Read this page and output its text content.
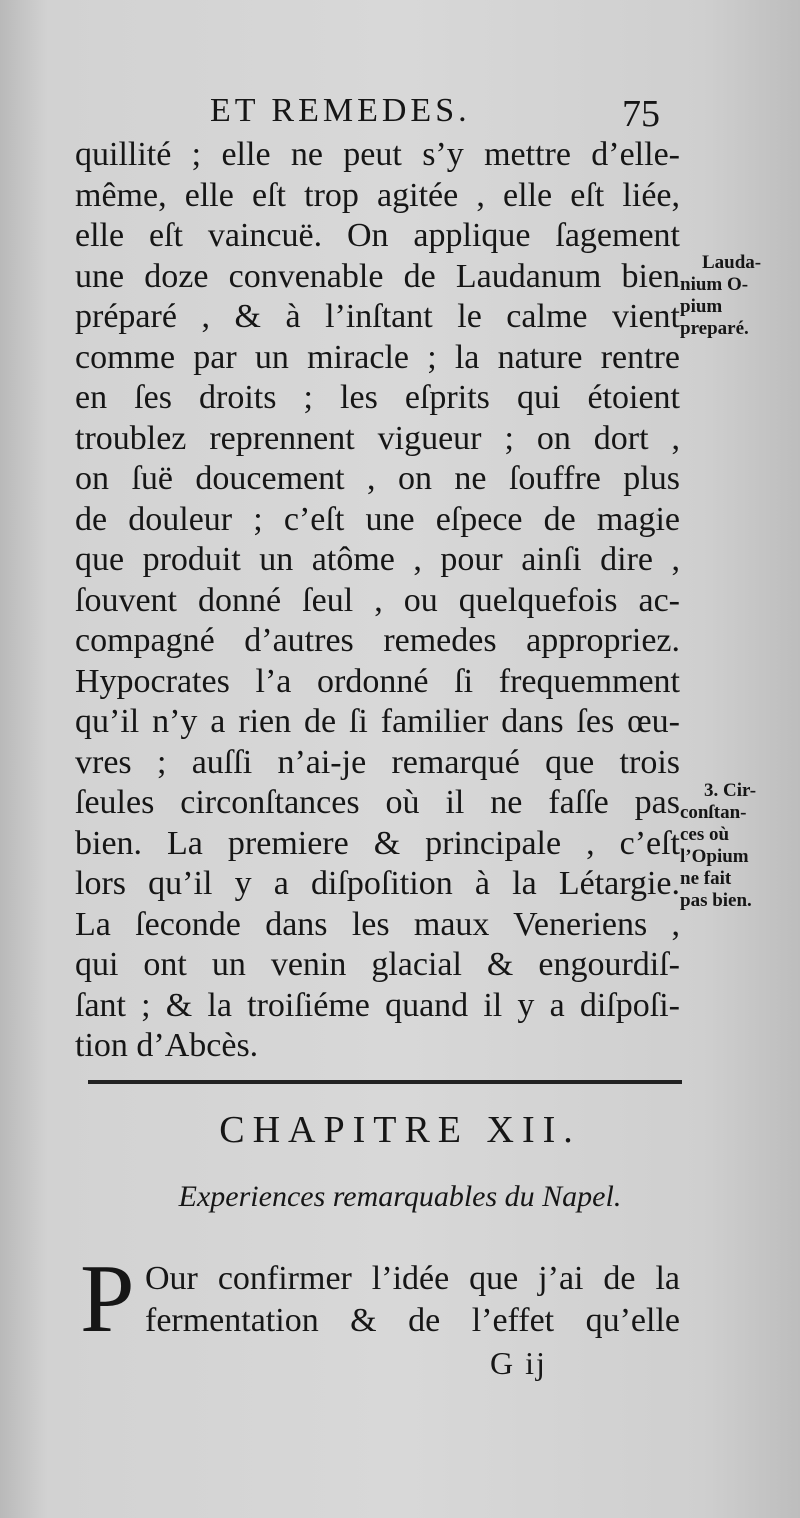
ET REMEDES.	75
quillité ; elle ne peut s’y mettre d’elle-
même, elle eſt trop agitée , elle eſt liée,
elle eſt vaincuë. On applique ſagement
une doze convenable de Laudanum bien
préparé , & à l’inſtant le calme vient
comme par un miracle ; la nature rentre
en ſes droits ; les eſprits qui étoient
troublez reprennent vigueur ; on dort ,
on ſuë doucement , on ne ſouffre plus
de douleur ; c’eſt une eſpece de magie
que produit un atôme , pour ainſi dire ,
ſouvent donné ſeul , ou quelquefois ac-
compagné d’autres remedes appropriez.
Hypocrates l’a ordonné ſi frequemment
qu’il n’y a rien de ſi familier dans ſes œu-
vres ; auſſi n’ai-je remarqué que trois
ſeules circonſtances où il ne faſſe pas
bien. La premiere & principale , c’eſt
lors qu’il y a diſpoſition à la Létargie.
La ſeconde dans les maux Veneriens ,
qui ont un venin glacial & engourdiſ-
ſant ; & la troiſiéme quand il y a diſpoſi-
tion d’Abcès.
Lauda-
nium O-
pium
preparé.
3. Cir-
conſtan-
ces où
l’Opium
ne fait
pas bien.
CHAPITRE XII.
Experiences remarquables du Napel.
P Our confirmer l’idée que j’ai de la
fermentation & de l’effet qu’elle
G ij
